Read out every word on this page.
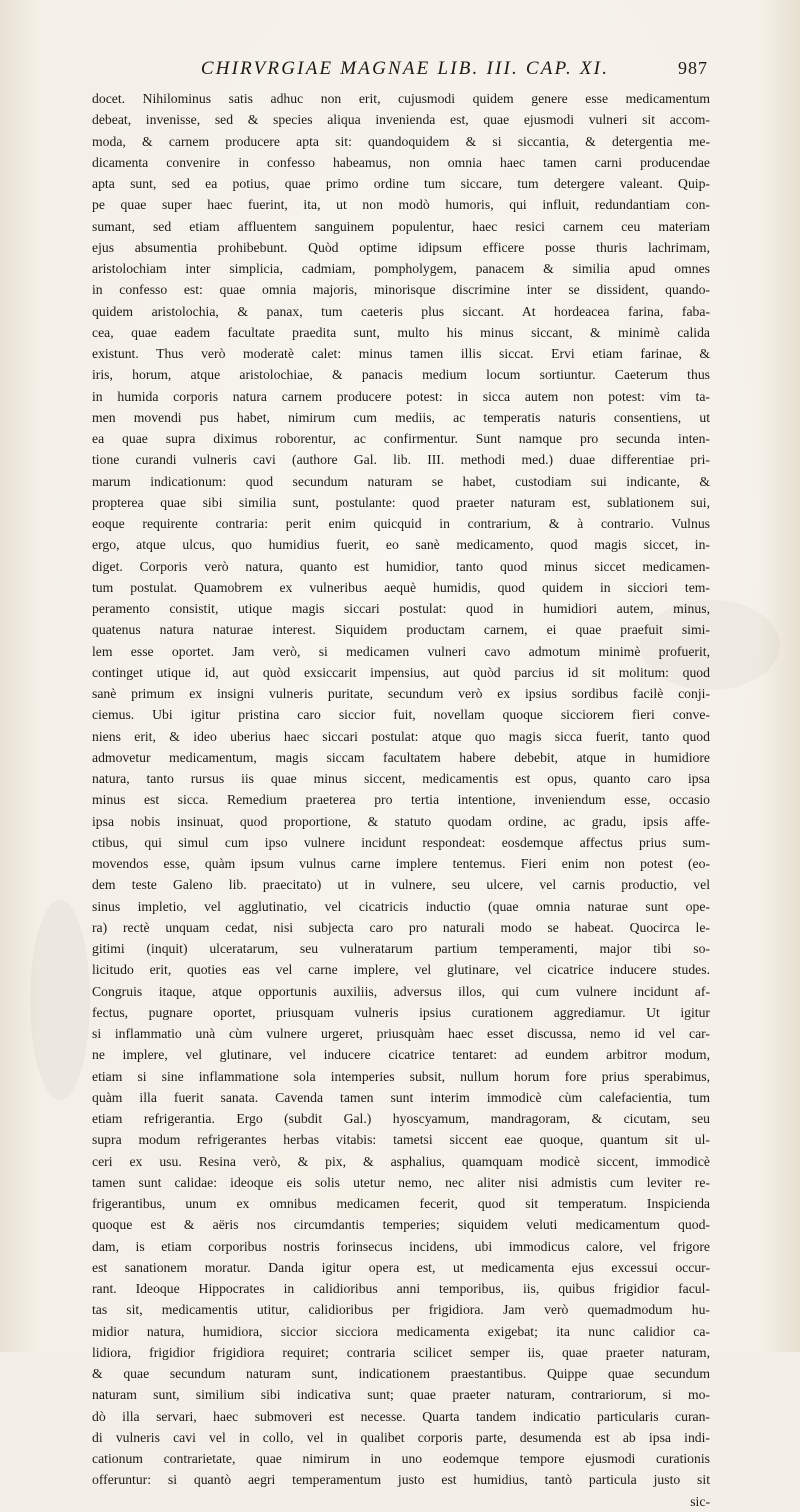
CHIRVRGIAE MAGNAE LIB. III. CAP. XI.	987
docet. Nihilominus satis adhuc non erit, cujusmodi quidem genere esse medicamentum
debeat, invenisse, sed & species aliqua invenienda est, quae ejusmodi vulneri sit accom-
moda, & carnem producere apta sit: quandoquidem & si siccantia, & detergentia me-
dicamenta convenire in confesso habeamus, non omnia haec tamen carni producendae
apta sunt, sed ea potius, quae primo ordine tum siccare, tum detergere valeant. Quip-
pe quae super haec fuerint, ita, ut non modò humoris, qui influit, redundantiam con-
sumant, sed etiam affluentem sanguinem populentur, haec resici carnem ceu materiam
ejus absumentia prohibebunt. Quòd optime idipsum efficere posse thuris lachrimam,
aristolochiam inter simplicia, cadmiam, pompholygem, panacem & similia apud omnes
in confesso est: quae omnia majoris, minorisque discrimine inter se dissident, quando-
quidem aristolochia, & panax, tum caeteris plus siccant. At hordeacea farina, faba-
cea, quae eadem facultate praedita sunt, multo his minus siccant, & minimè calida
existunt. Thus verò moderatè calet: minus tamen illis siccat. Ervi etiam farinae, &
iris, horum, atque aristolochiae, & panacis medium locum sortiuntur. Caeterum thus
in humida corporis natura carnem producere potest: in sicca autem non potest: vim ta-
men movendi pus habet, nimirum cum mediis, ac temperatis naturis consentiens, ut
ea quae supra diximus roborentur, ac confirmentur. Sunt namque pro secunda inten-
tione curandi vulneris cavi (authore Gal. lib. III. methodi med.) duae differentiae pri-
marum indicationum: quod secundum naturam se habet, custodiam sui indicante, &
propterea quae sibi similia sunt, postulante: quod praeter naturam est, sublationem sui,
eoque requirente contraria: perit enim quicquid in contrarium, & à contrario. Vulnus
ergo, atque ulcus, quo humidius fuerit, eo sanè medicamento, quod magis siccet, in-
diget. Corporis verò natura, quanto est humidior, tanto quod minus siccet medicamen-
tum postulat. Quamobrem ex vulneribus aequè humidis, quod quidem in sicciori tem-
peramento consistit, utique magis siccari postulat: quod in humidiori autem, minus,
quatenus natura naturae interest. Siquidem productam carnem, ei quae praefuit simi-
lem esse oportet. Jam verò, si medicamen vulneri cavo admotum minimè profuerit,
continget utique id, aut quòd exsiccarit impensius, aut quòd parcius id sit molitum: quod
sanè primum ex insigni vulneris puritate, secundum verò ex ipsius sordibus facilè conji-
ciemus. Ubi igitur pristina caro siccior fuit, novellam quoque sicciorem fieri conve-
niens erit, & ideo uberius haec siccari postulat: atque quo magis sicca fuerit, tanto quod
admovetur medicamentum, magis siccam facultatem habere debebit, atque in humidiore
natura, tanto rursus iis quae minus siccent, medicamentis est opus, quanto caro ipsa
minus est sicca. Remedium praeterea pro tertia intentione, inveniendum esse, occasio
ipsa nobis insinuat, quod proportione, & statuto quodam ordine, ac gradu, ipsis affe-
ctibus, qui simul cum ipso vulnere incidunt respondeat: eosdemque affectus prius sum-
movendos esse, quàm ipsum vulnus carne implere tentemus. Fieri enim non potest (eo-
dem teste Galeno lib. praecitato) ut in vulnere, seu ulcere, vel carnis productio, vel
sinus impletio, vel agglutinatio, vel cicatricis inductio (quae omnia naturae sunt ope-
ra) rectè unquam cedat, nisi subjecta caro pro naturali modo se habeat. Quocirca le-
gitimi (inquit) ulceratarum, seu vulneratarum partium temperamenti, major tibi so-
licitudo erit, quoties eas vel carne implere, vel glutinare, vel cicatrice inducere studes.
Congruis itaque, atque opportunis auxiliis, adversus illos, qui cum vulnere incidunt af-
fectus, pugnare oportet, priusquam vulneris ipsius curationem aggrediamur. Ut igitur
si inflammatio unà cùm vulnere urgeret, priusquàm haec esset discussa, nemo id vel car-
ne implere, vel glutinare, vel inducere cicatrice tentaret: ad eundem arbitror modum,
etiam si sine inflammatione sola intemperies subsit, nullum horum fore prius sperabimus,
quàm illa fuerit sanata. Cavenda tamen sunt interim immodicè cùm calefacientia, tum
etiam refrigerantia. Ergo (subdit Gal.) hyoscyamum, mandragoram, & cicutam, seu
supra modum refrigerantes herbas vitabis: tametsi siccent eae quoque, quantum sit ul-
ceri ex usu. Resina verò, & pix, & asphalius, quamquam modicè siccent, immodicè
tamen sunt calidae: ideoque eis solis utetur nemo, nec aliter nisi admistis cum leviter re-
frigerantibus, unum ex omnibus medicamen fecerit, quod sit temperatum. Inspicienda
quoque est & aëris nos circumdantis temperies; siquidem veluti medicamentum quod-
dam, is etiam corporibus nostris forinsecus incidens, ubi immodicus calore, vel frigore
est sanationem moratur. Danda igitur opera est, ut medicamenta ejus excessui occur-
rant. Ideoque Hippocrates in calidioribus anni temporibus, iis, quibus frigidior facul-
tas sit, medicamentis utitur, calidioribus per frigidiora. Jam verò quemadmodum hu-
midior natura, humidiora, siccior sicciora medicamenta exigebat; ita nunc calidior ca-
lidiora, frigidior frigidiora requiret; contraria scilicet semper iis, quae praeter naturam,
& quae secundum naturam sunt, indicationem praestantibus. Quippe quae secundum
naturam sunt, similium sibi indicativa sunt; quae praeter naturam, contrariorum, si mo-
dò illa servari, haec submoveri est necesse. Quarta tandem indicatio particularis curan-
di vulneris cavi vel in collo, vel in qualibet corporis parte, desumenda est ab ipsa indi-
cationum contrarietate, quae nimirum in uno eodemque tempore ejusmodi curationis
offeruntur: si quantò aegri temperamentum justo est humidius, tantò particula justo sit
sic-
